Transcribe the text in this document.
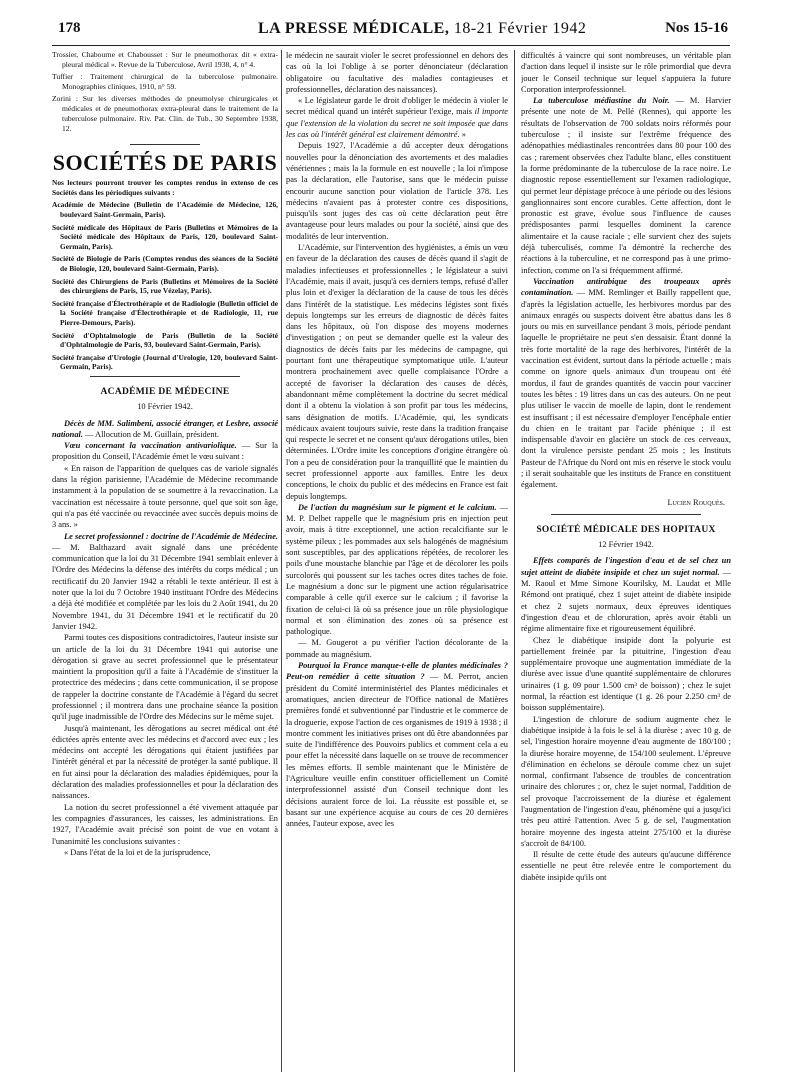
178	LA PRESSE MÉDICALE, 18-21 Février 1942	Nos 15-16

Trossier, Chabourne et Chabousset : Sur le pneumothorax dit « extra-pleural médical ». Revue de la Tuberculose, Avril 1938, 4, n° 4.

Tuffier : Traitement chirurgical de la tuberculose pulmonaire. Monographies cliniques, 1910, n° 59.

Zorini : Sur les diverses méthodes de pneumolyse chirurgicales et médicales et de pneumothorax extra-pleural dans le traitement de la tuberculose pulmonaire. Riv. Pat. Clin. de Tub., 30 Septembre 1938, 12.

SOCIÉTÉS DE PARIS

Nos lecteurs pourront trouver les comptes rendus in extenso de ces Sociétés dans les périodiques suivants :

Académie de Médecine (Bulletin de l'Académie de Médecine, 126, boulevard Saint-Germain, Paris).

Société médicale des Hôpitaux de Paris (Bulletins et Mémoires de la Société médicale des Hôpitaux de Paris, 120, boulevard Saint-Germain, Paris).

Société de Biologie de Paris (Comptes rendus des séances de la Société de Biologie, 120, boulevard Saint-Germain, Paris).

Société des Chirurgiens de Paris (Bulletins et Mémoires de la Société des chirurgiens de Paris, 15, rue Vézelay, Paris).

Société française d'Électrothérapie et de Radiologie (Bulletin officiel de la Société française d'Électrothérapie et de Radiologie, 11, rue Pierre-Demours, Paris).

Société d'Ophtalmologie de Paris (Bulletin de la Société d'Ophtalmologie de Paris, 93, boulevard Saint-Germain, Paris).

Société française d'Urologie (Journal d'Urologie, 120, boulevard Saint-Germain, Paris).

ACADÉMIE DE MÉDECINE

10 Février 1942.

Décès de MM. Salimbeni, associé étranger, et Lesbre, associé national. — Allocution de M. Guillain, président.

Vœu concernant la vaccination antivariolique. — Sur la proposition du Conseil, l'Académie émet le vœu suivant :

« En raison de l'apparition de quelques cas de variole signalés dans la région parisienne, l'Académie de Médecine recommande instamment à la population de se soumettre à la revaccination. La vaccination est nécessaire à toute personne, quel que soit son âge, qui n'a pas été vaccinée ou revaccinée avec succès depuis moins de 3 ans. »

Le secret professionnel : doctrine de l'Académie de Médecine. — M. Balthazard avait signalé dans une précédente communication que la loi du 31 Décembre 1941 semblait enlever à l'Ordre des Médecins la défense des intérêts du corps médical ; un rectificatif du 20 Janvier 1942 a rétabli le texte antérieur. Il est à noter que la loi du 7 Octobre 1940 instituant l'Ordre des Médecins a déjà été modifiée et complétée par les lois du 2 Août 1941, du 20 Novembre 1941, du 31 Décembre 1941 et le rectificatif du 20 Janvier 1942.

Parmi toutes ces dispositions contradictoires, l'auteur insiste sur un article de la loi du 31 Décembre 1941 qui autorise une dérogation si grave au secret professionnel que le présentateur maintient la proposition qu'il a faite à l'Académie de s'instituer la protectrice des médecins ; dans cette communication, il se propose de rappeler la doctrine constante de l'Académie à l'égard du secret professionnel ; il montrera dans une prochaine séance la position qu'il juge inadmissible de l'Ordre des Médecins sur le même sujet.

Jusqu'à maintenant, les dérogations au secret médical ont été édictées après entente avec les médecins et d'accord avec eux ; les médecins ont accepté les dérogations qui étaient justifiées par l'intérêt général et par la nécessité de protéger la santé publique. Il en fut ainsi pour la déclaration des maladies épidémiques, pour la déclaration des maladies professionnelles et pour la déclaration des naissances.

La notion du secret professionnel a été vivement attaquée par les compagnies d'assurances, les caisses, les administrations. En 1927, l'Académie avait précisé son point de vue en votant à l'unanimité les conclusions suivantes :

« Dans l'état de la loi et de la jurisprudence,

le médecin ne saurait violer le secret professionnel en dehors des cas où la loi l'oblige à se porter dénonciateur (déclaration obligatoire ou facultative des maladies contagieuses et professionnelles, déclaration des naissances).

« Le législateur garde le droit d'obliger le médecin à violer le secret médical quand un intérêt supérieur l'exige, mais il importe que l'extension de la violation du secret ne soit imposée que dans les cas où l'intérêt général est clairement démontré. »

Depuis 1927, l'Académie a dû accepter deux dérogations nouvelles pour la dénonciation des avortements et des maladies vénériennes ; mais la la formule en est nouvelle ; la loi n'impose pas la déclaration, elle l'autorise, sans que le médecin puisse encourir aucune sanction pour violation de l'article 378. Les médecins n'avaient pas à protester contre ces dispositions, puisqu'ils sont juges des cas où cette déclaration peut être avantageuse pour leurs malades ou pour la société, ainsi que des modalités de leur intervention.

L'Académie, sur l'intervention des hygiénistes, a émis un vœu en faveur de la déclaration des causes de décès quand il s'agit de maladies infectieuses et professionnelles ; le législateur a suivi l'Académie, mais il avait, jusqu'à ces derniers temps, refusé d'aller plus loin et d'exiger la déclaration de la cause de tous les décès dans l'intérêt de la statistique. Les médecins légistes sont fixés depuis longtemps sur les erreurs de diagnostic de décès faites dans les hôpitaux, où l'on dispose des moyens modernes d'investigation ; on peut se demander quelle est la valeur des diagnostics de décès faits par les médecins de campagne, qui pourtant font une thérapeutique symptomatique utile. L'auteur montrera prochainement avec quelle complaisance l'Ordre a accepté de favoriser la déclaration des causes de décès, abandonnant même complètement la doctrine du secret médical dont il a obtenu la violation à son profit par tous les médecins, sans désignation de motifs. L'Académie, qui, les syndicats médicaux avaient toujours suivie, reste dans la tradition française qui respecte le secret et ne consent qu'aux dérogations utiles, bien déterminées. L'Ordre imite les conceptions d'origine étrangère où l'on a peu de considération pour la tranquillité que le maintien du secret professionnel apporte aux familles. Entre les deux conceptions, le choix du public et des médecins en France est fait depuis longtemps.

De l'action du magnésium sur le pigment et le calcium. — M. P. Delbet rappelle que le magnésium pris en injection peut avoir, mais à titre exceptionnel, une action recalcifiante sur le système pileux ; les pommades aux sels halogénés de magnésium sont susceptibles, par des applications répétées, de recolorer les poils d'une moustache blanchie par l'âge et de décolorer les poils surcolorés qui poussent sur les taches ocres dites taches de foie. Le magnésium a donc sur le pigment une action régularisatrice comparable à celle qu'il exerce sur le calcium ; il favorise la fixation de celui-ci là où sa présence joue un rôle physiologique normal et son élimination des zones où sa présence est pathologique.

— M. Gougerot a pu vérifier l'action décolorante de la pommade au magnésium.

Pourquoi la France manque-t-elle de plantes médicinales ? Peut-on remédier à cette situation ? — M. Perrot, ancien président du Comité interministériel des Plantes médicinales et aromatiques, ancien directeur de l'Office national de Matières premières fondé et subventionné par l'industrie et le commerce de la droguerie, expose l'action de ces organismes de 1919 à 1938 ; il montre comment les initiatives prises ont dû être abandonnées par suite de l'indifférence des Pouvoirs publics et comment cela a eu pour effet la nécessité dans laquelle on se trouve de recommencer les mêmes efforts. Il semble maintenant que le Ministère de l'Agriculture veuille enfin constituer officiellement un Comité interprofessionnel assisté d'un Conseil technique dont les décisions auraient force de loi. La réussite est possible et, se basant sur une expérience acquise au cours de ces 20 dernières années, l'auteur expose, avec les

difficultés à vaincre qui sont nombreuses, un véritable plan d'action dans lequel il insiste sur le rôle primordial que devra jouer le Conseil technique sur lequel s'appuiera la future Corporation interprofessionnel.

La tuberculose médiastine du Noir. — M. Harvier présente une note de M. Pellé (Rennes), qui apporte les résultats de l'observation de 700 soldats noirs réformés pour tuberculose ; il insiste sur l'extrême fréquence des adénopathies médiastinales rencontrées dans 80 pour 100 des cas ; rarement observées chez l'adulte blanc, elles constituent la forme prédominante de la tuberculose de la race noire. Le diagnostic repose essentiellement sur l'examen radiologique, qui permet leur dépistage précoce à une période ou des lésions ganglionnaires sont encore curables. Cette affection, dont le pronostic est grave, évolue sous l'influence de causes prédisposantes parmi lesquelles dominent la carence alimentaire et la cause raciale ; elle survient chez des sujets déjà tuberculisés, comme l'a démontré la recherche des réactions à la tuberculine, et ne correspond pas à une primo-infection, comme on l'a si fréquemment affirmé.

Vaccination antirabique des troupeaux après contamination. — MM. Remlinger et Bailly rappellent que, d'après la législation actuelle, les herbivores mordus par des animaux enragés ou suspects doivent être abattus dans les 8 jours ou mis en surveillance pendant 3 mois, période pendant laquelle le propriétaire ne peut s'en dessaisir. Étant donné la très forte mortalité de la rage des herbivores, l'intérêt de la vaccination est évident, surtout dans la période actuelle ; mais comme on ignore quels animaux d'un troupeau ont été mordus, il faut de grandes quantités de vaccin pour vacciner toutes les bêtes : 19 litres dans un cas des auteurs. On ne peut plus utiliser le vaccin de moelle de lapin, dont le rendement est insuffisant ; il est nécessaire d'employer l'encéphale entier du chien en le traitant par l'acide phénique ; il est indispensable d'avoir en glacière un stock de ces cerveaux, dont la virulence persiste pendant 25 mois ; les Instituts Pasteur de l'Afrique du Nord ont mis en réserve le stock voulu ; il serait souhaitable que les instituts de France en constituent également.

Lucien Rouquès.

SOCIÉTÉ MÉDICALE DES HOPITAUX

12 Février 1942.

Effets comparés de l'ingestion d'eau et de sel chez un sujet atteint de diabète insipide et chez un sujet normal. — M. Raoul et Mme Simone Kourilsky, M. Laudat et Mlle Rémond ont pratiqué, chez 1 sujet atteint de diabète insipide et chez 2 sujets normaux, deux épreuves identiques d'ingestion d'eau et de chloruration, après avoir établi un régime alimentaire fixe et rigoureusement équilibré.

Chez le diabétique insipide dont la polyurie est partiellement freinée par la pituitrine, l'ingestion d'eau supplémentaire provoque une augmentation immédiate de la diurèse avec issue d'une quantité supplémentaire de chlorures urinaires (1 g. 09 pour 1.500 cm³ de boisson) ; chez le sujet normal, la réaction est identique (1 g. 26 pour 2.250 cm³ de boisson supplémentaire).

L'ingestion de chlorure de sodium augmente chez le diabétique insipide à la fois le sel à la diurèse ; avec 10 g. de sel, l'ingestion horaire moyenne d'eau augmente de 180/100 ; la diurèse horaire moyenne, de 154/100 seulement. L'épreuve d'élimination en échelons se déroule comme chez un sujet normal, confirmant l'absence de troubles de concentration urinaire des chlorures ; or, chez le sujet normal, l'addition de sel provoque l'accroissement de la diurèse et également l'augmentation de l'ingestion d'eau, phénomène qui a jusqu'ici très peu attiré l'attention. Avec 5 g. de sel, l'augmentation horaire moyenne des ingesta atteint 275/100 et la diurèse s'accroît de 84/100.

Il résulte de cette étude des auteurs qu'aucune différence essentielle ne peut être relevée entre le comportement du diabète insipide qu'ils ont
